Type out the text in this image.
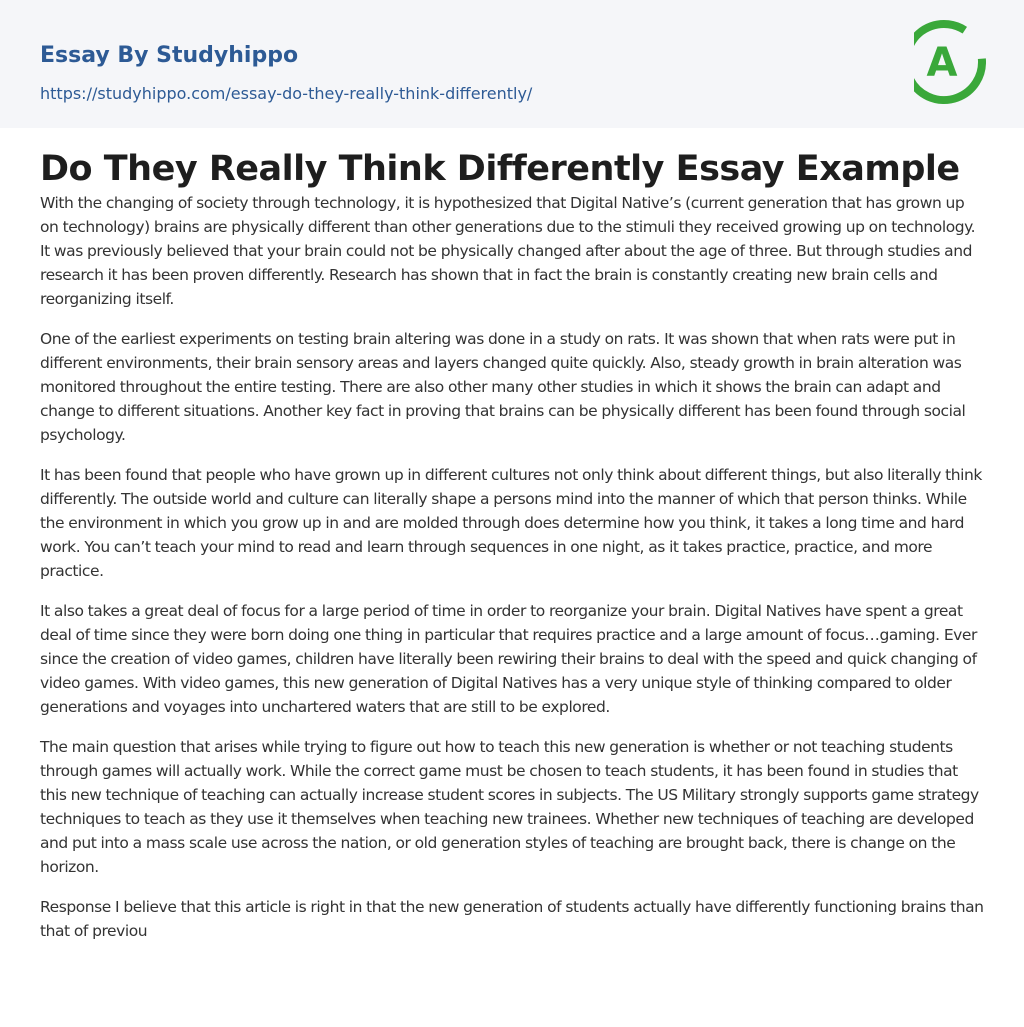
Essay By Studyhippo
https://studyhippo.com/essay-do-they-really-think-differently/
A
Do They Really Think Differently Essay Example

With the changing of society through technology, it is hypothesized that Digital Native’s (current generation that has grown up on technology) brains are physically different than other generations due to the stimuli they received growing up on technology. It was previously believed that your brain could not be physically changed after about the age of three. But through studies and research it has been proven differently. Research has shown that in fact the brain is constantly creating new brain cells and reorganizing itself.

One of the earliest experiments on testing brain altering was done in a study on rats. It was shown that when rats were put in different environments, their brain sensory areas and layers changed quite quickly. Also, steady growth in brain alteration was monitored throughout the entire testing. There are also other many other studies in which it shows the brain can adapt and change to different situations. Another key fact in proving that brains can be physically different has been found through social psychology.

It has been found that people who have grown up in different cultures not only think about different things, but also literally think differently. The outside world and culture can literally shape a persons mind into the manner of which that person thinks. While the environment in which you grow up in and are molded through does determine how you think, it takes a long time and hard work. You can’t teach your mind to read and learn through sequences in one night, as it takes practice, practice, and more practice.

It also takes a great deal of focus for a large period of time in order to reorganize your brain. Digital Natives have spent a great deal of time since they were born doing one thing in particular that requires practice and a large amount of focus…gaming. Ever since the creation of video games, children have literally been rewiring their brains to deal with the speed and quick changing of video games. With video games, this new generation of Digital Natives has a very unique style of thinking compared to older generations and voyages into unchartered waters that are still to be explored.

The main question that arises while trying to figure out how to teach this new generation is whether or not teaching students through games will actually work. While the correct game must be chosen to teach students, it has been found in studies that this new technique of teaching can actually increase student scores in subjects. The US Military strongly supports game strategy techniques to teach as they use it themselves when teaching new trainees. Whether new techniques of teaching are developed and put into a mass scale use across the nation, or old generation styles of teaching are brought back, there is change on the horizon.

Response I believe that this article is right in that the new generation of students actually have differently functioning brains than that of previou
